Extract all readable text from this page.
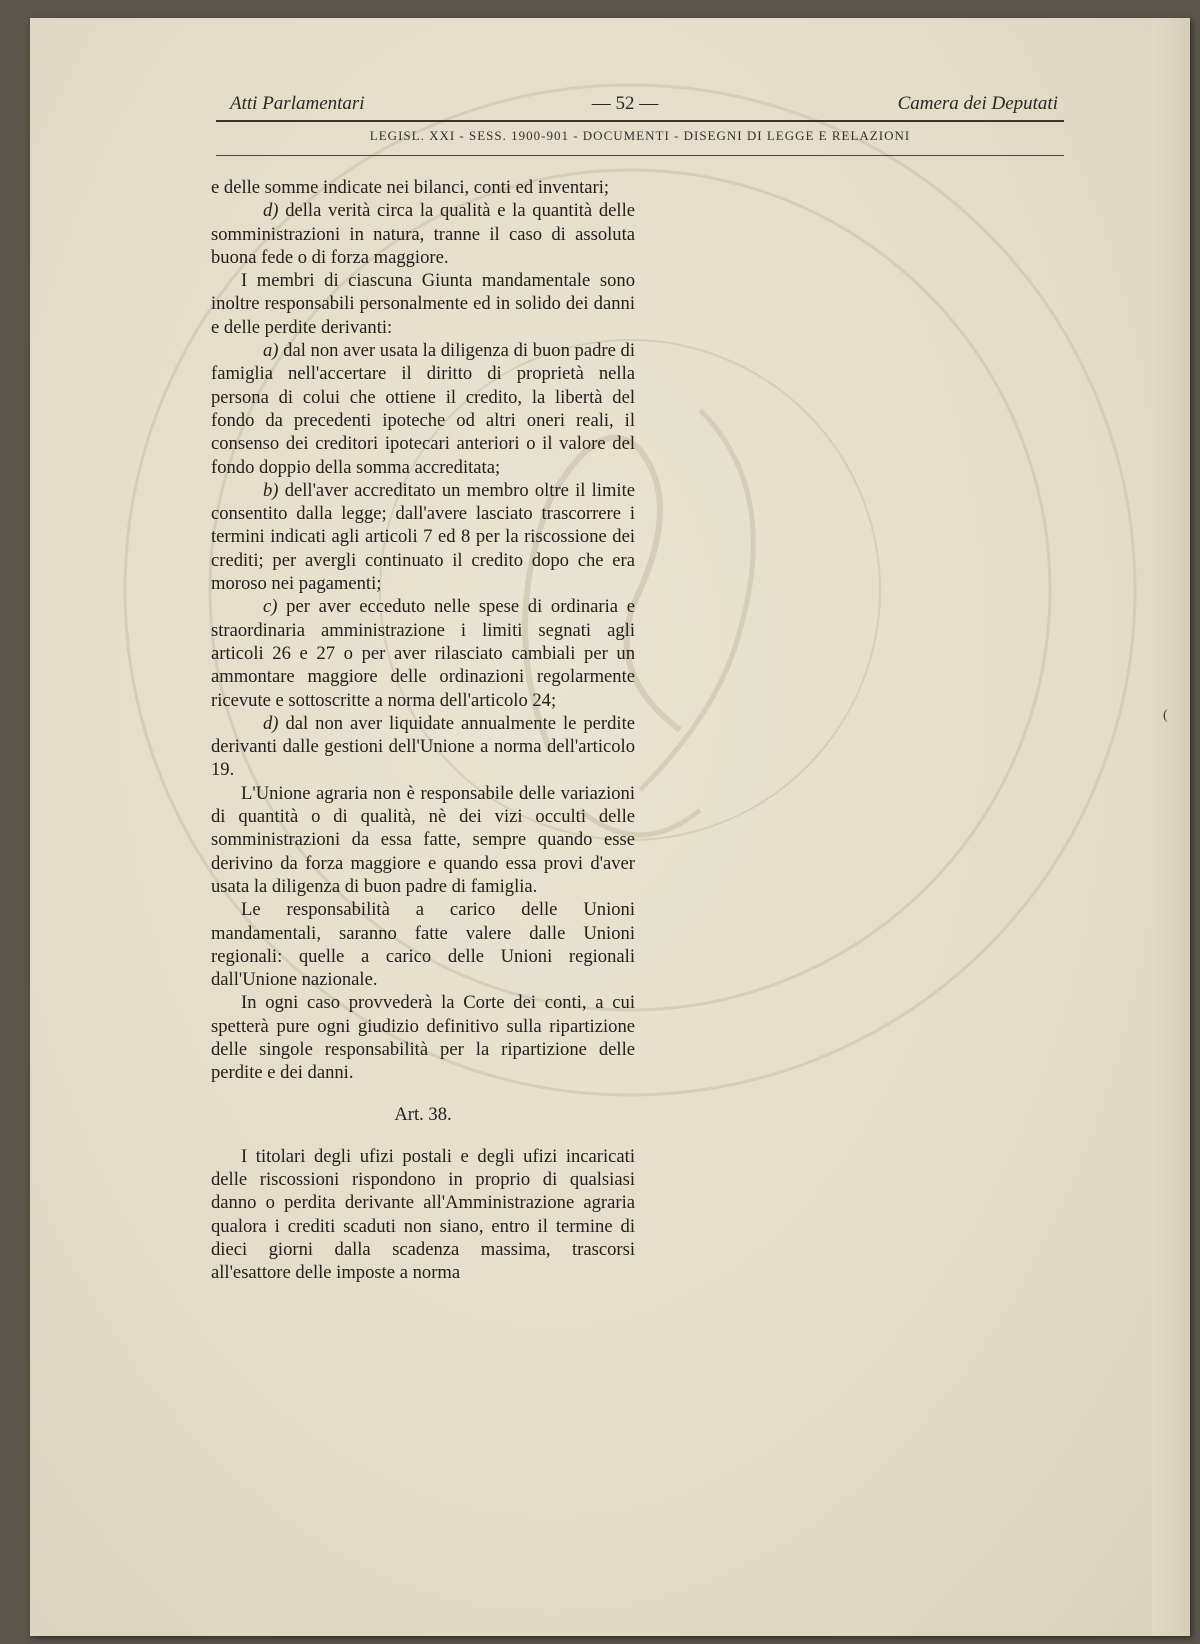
Atti Parlamentari	— 52 —	Camera dei Deputati
LEGISL. XXI - SESS. 1900-901 - DOCUMENTI - DISEGNI DI LEGGE E RELAZIONI

e delle somme indicate nei bilanci, conti ed inventari;

d) della verità circa la qualità e la quantità delle somministrazioni in natura, tranne il caso di assoluta buona fede o di forza maggiore.

I membri di ciascuna Giunta mandamentale sono inoltre responsabili personalmente ed in solido dei danni e delle perdite derivanti:

a) dal non aver usata la diligenza di buon padre di famiglia nell'accertare il diritto di proprietà nella persona di colui che ottiene il credito, la libertà del fondo da precedenti ipoteche od altri oneri reali, il consenso dei creditori ipotecari anteriori o il valore del fondo doppio della somma accreditata;

b) dell'aver accreditato un membro oltre il limite consentito dalla legge; dall'avere lasciato trascorrere i termini indicati agli articoli 7 ed 8 per la riscossione dei crediti; per avergli continuato il credito dopo che era moroso nei pagamenti;

c) per aver ecceduto nelle spese di ordinaria e straordinaria amministrazione i limiti segnati agli articoli 26 e 27 o per aver rilasciato cambiali per un ammontare maggiore delle ordinazioni regolarmente ricevute e sottoscritte a norma dell'articolo 24;

d) dal non aver liquidate annualmente le perdite derivanti dalle gestioni dell'Unione a norma dell'articolo 19.

L'Unione agraria non è responsabile delle variazioni di quantità o di qualità, nè dei vizi occulti delle somministrazioni da essa fatte, sempre quando esse derivino da forza maggiore e quando essa provi d'aver usata la diligenza di buon padre di famiglia.

Le responsabilità a carico delle Unioni mandamentali, saranno fatte valere dalle Unioni regionali: quelle a carico delle Unioni regionali dall'Unione nazionale.

In ogni caso provvederà la Corte dei conti, a cui spetterà pure ogni giudizio definitivo sulla ripartizione delle singole responsabilità per la ripartizione delle perdite e dei danni.

Art. 38.

I titolari degli ufizi postali e degli ufizi incaricati delle riscossioni rispondono in proprio di qualsiasi danno o perdita derivante all'Amministrazione agraria qualora i crediti scaduti non siano, entro il termine di dieci giorni dalla scadenza massima, trascorsi all'esattore delle imposte a norma

(
